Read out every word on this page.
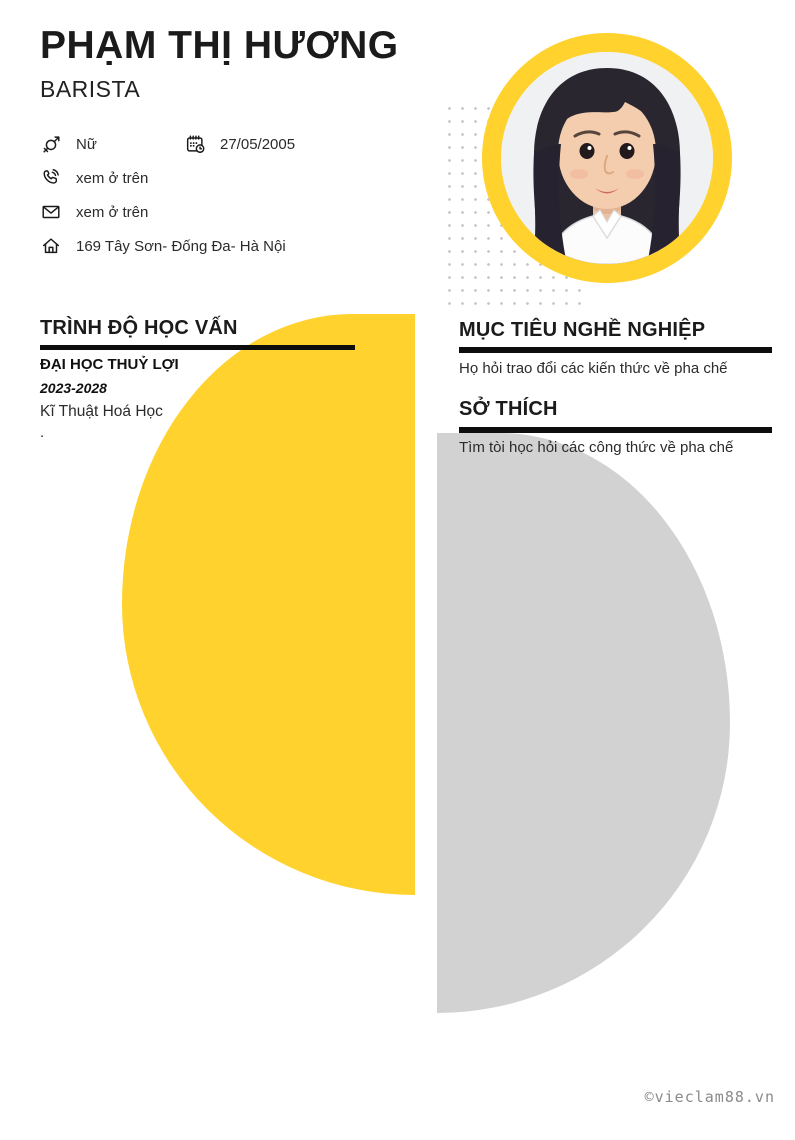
PHẠM THỊ HƯƠNG
BARISTA
Nữ	27/05/2005
xem ở trên
xem ở trên
169 Tây Sơn- Đống Đa- Hà Nội
TRÌNH ĐỘ HỌC VẤN
ĐẠI HỌC THUỶ LỢI
2023-2028
Kĩ Thuật Hoá Học
.
MỤC TIÊU NGHỀ NGHIỆP
Họ hỏi trao đổi các kiến thức về pha chế
SỞ THÍCH
Tìm tòi học hỏi các công thức về pha chế
©vieclam88.vn
